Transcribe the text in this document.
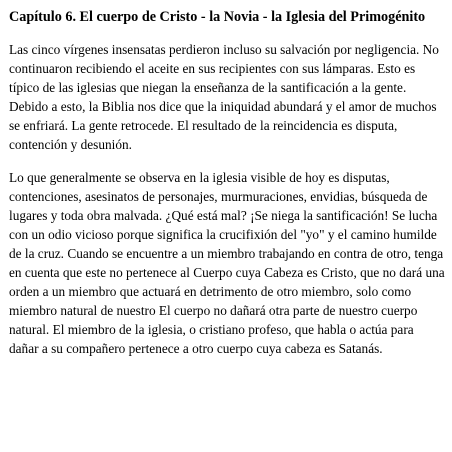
Capítulo 6. El cuerpo de Cristo - la Novia - la Iglesia del Primogénito

Las cinco vírgenes insensatas perdieron incluso su salvación por negligencia. No continuaron recibiendo el aceite en sus recipientes con sus lámparas. Esto es típico de las iglesias que niegan la enseñanza de la santificación a la gente. Debido a esto, la Biblia nos dice que la iniquidad abundará y el amor de muchos se enfriará. La gente retrocede. El resultado de la reincidencia es disputa, contención y desunión.

Lo que generalmente se observa en la iglesia visible de hoy es disputas, contenciones, asesinatos de personajes, murmuraciones, envidias, búsqueda de lugares y toda obra malvada. ¿Qué está mal? ¡Se niega la santificación! Se lucha con un odio vicioso porque significa la crucifixión del "yo" y el camino humilde de la cruz. Cuando se encuentre a un miembro trabajando en contra de otro, tenga en cuenta que este no pertenece al Cuerpo cuya Cabeza es Cristo, que no dará una orden a un miembro que actuará en detrimento de otro miembro, solo como miembro natural de nuestro El cuerpo no dañará otra parte de nuestro cuerpo natural. El miembro de la iglesia, o cristiano profeso, que habla o actúa para dañar a su compañero pertenece a otro cuerpo cuya cabeza es Satanás.
